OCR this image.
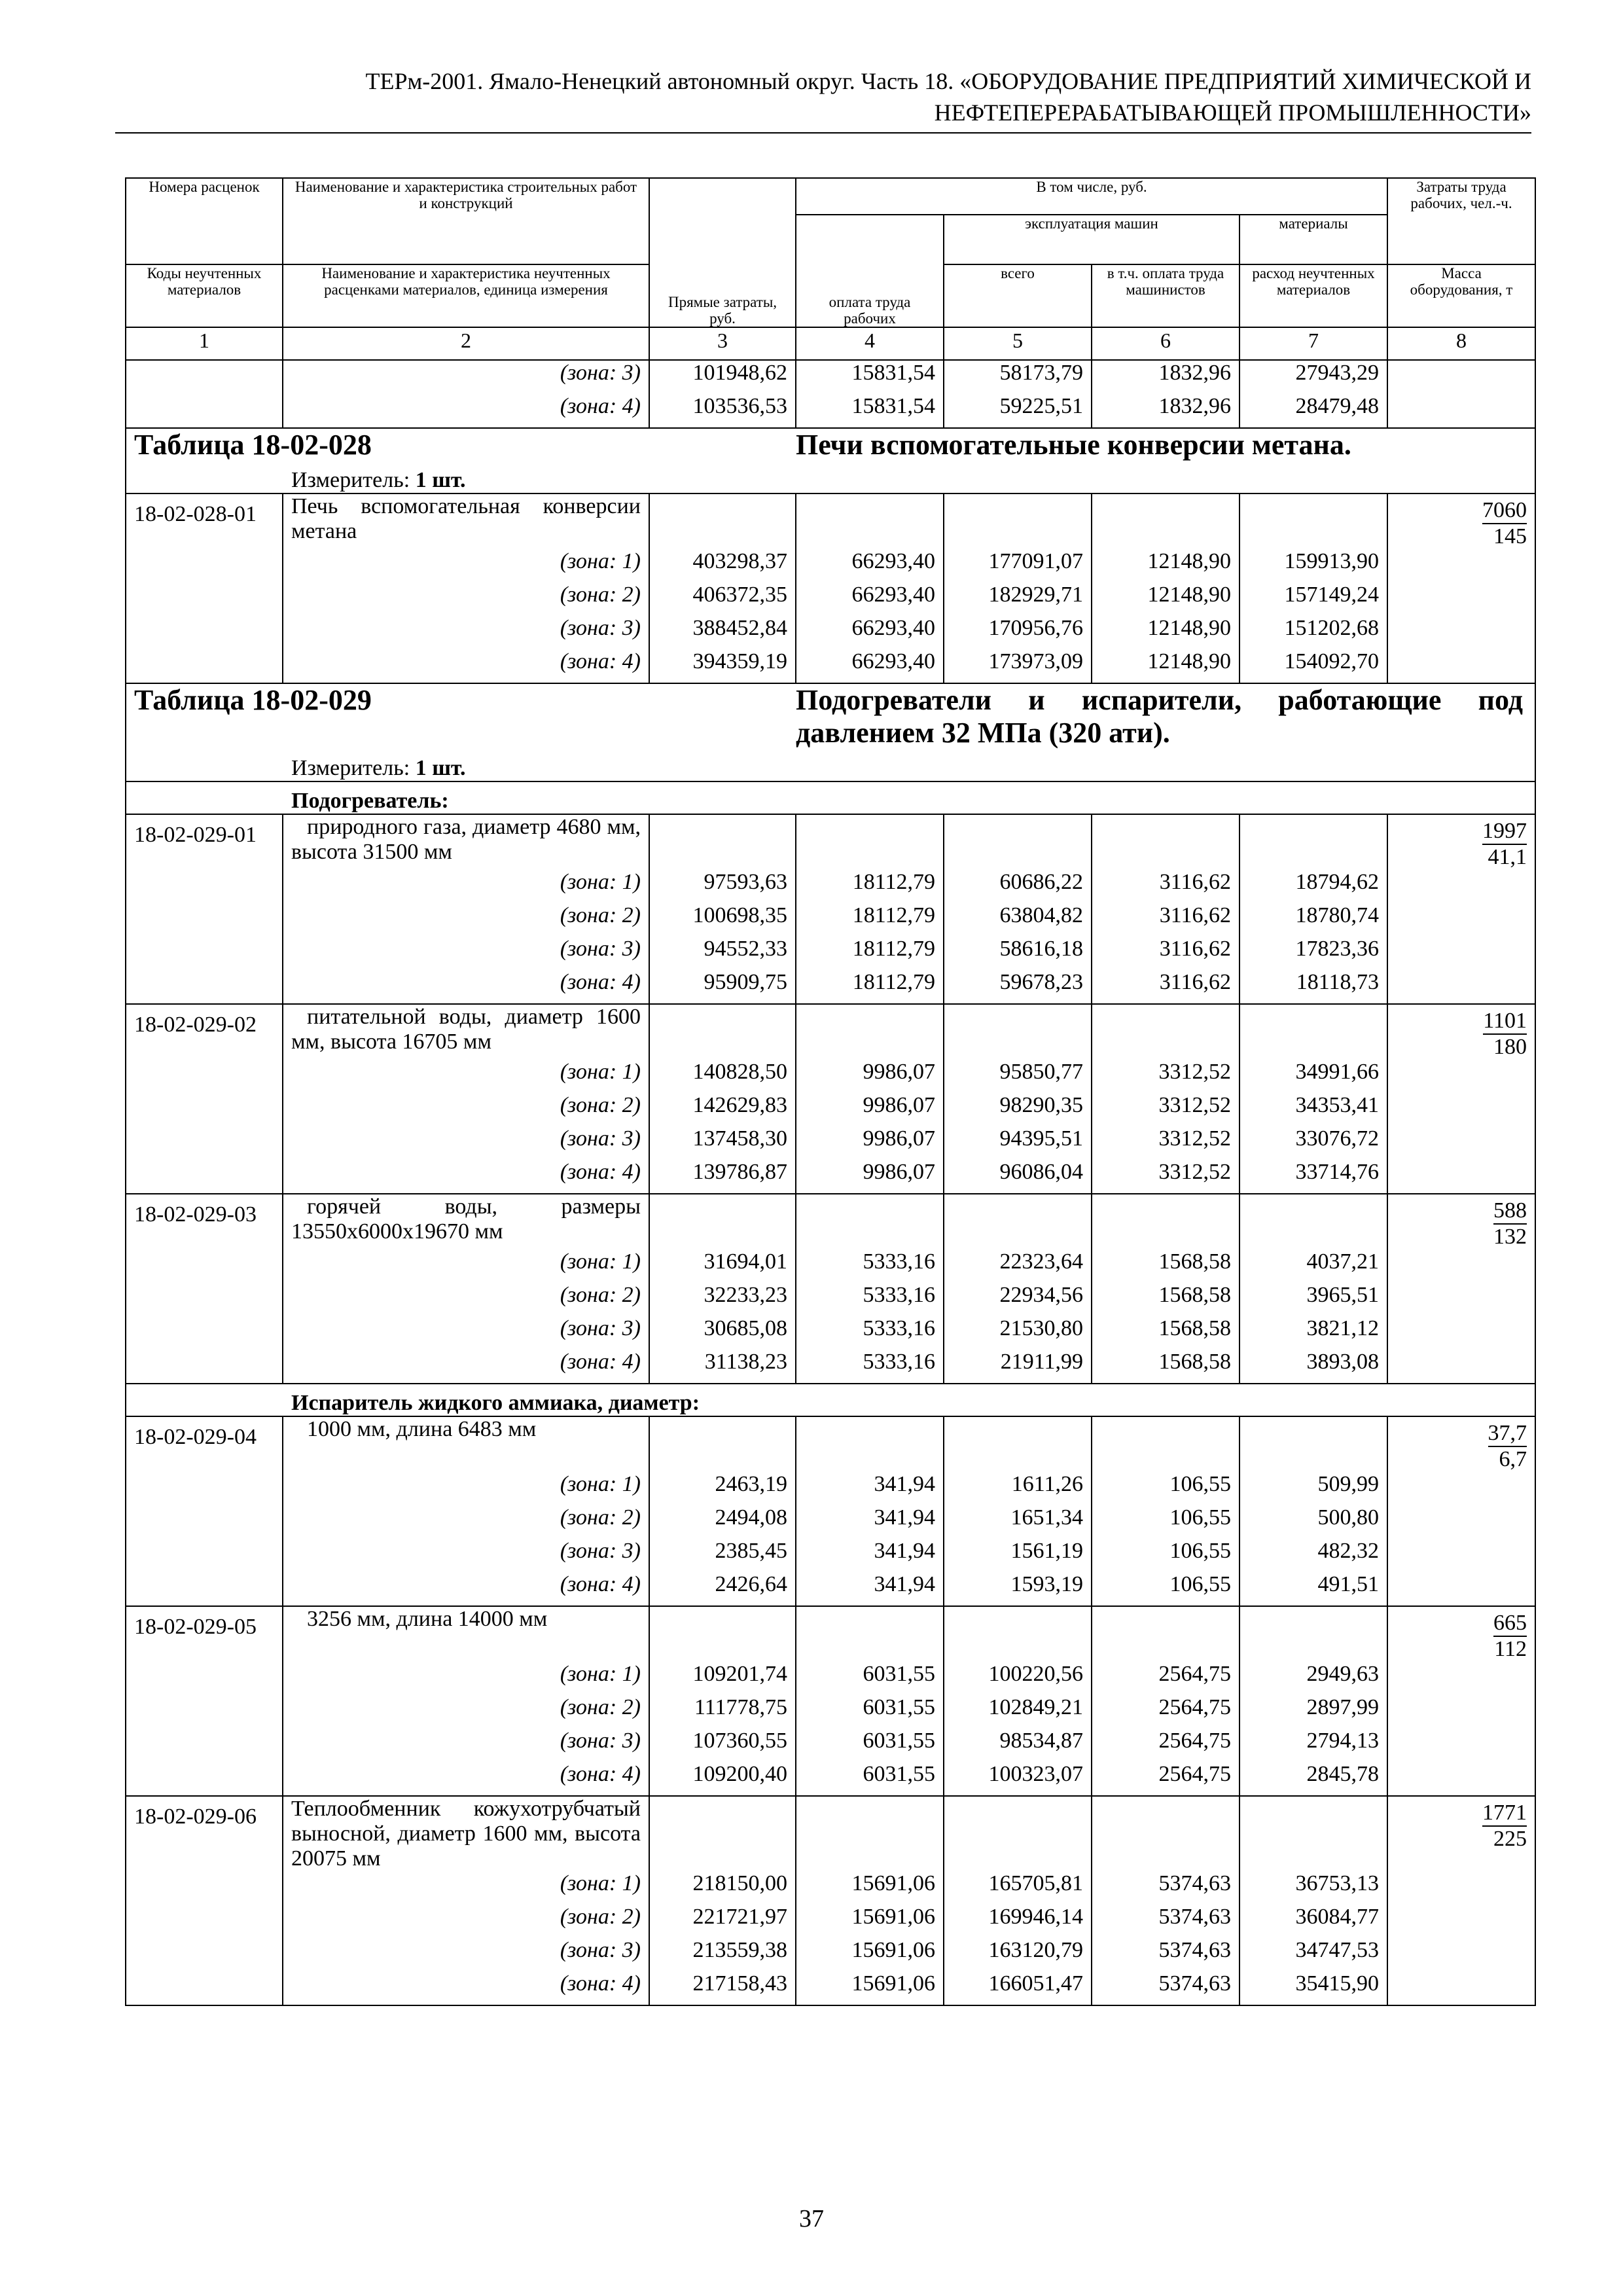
ТЕРм-2001. Ямало-Ненецкий автономный округ. Часть 18. «ОБОРУДОВАНИЕ ПРЕДПРИЯТИЙ ХИМИЧЕСКОЙ И
НЕФТЕПЕРЕРАБАТЫВАЮЩЕЙ ПРОМЫШЛЕННОСТИ»
Номера расценок	Наименование и характеристика строительных работ и конструкций	Прямые затраты, руб.	В том числе, руб.				Затраты труда рабочих, чел.-ч.
			оплата труда рабочих	эксплуатация машин		материалы	
Коды неучтенных материалов	Наименование и характеристика неучтенных расценками материалов, единица измерения			всего	в т.ч. оплата труда машинистов	расход неучтенных материалов	Масса оборудования, т
1	2	3	4	5	6	7	8
	(зона: 3)	101948,62	15831,54	58173,79	1832,96	27943,29	
	(зона: 4)	103536,53	15831,54	59225,51	1832,96	28479,48	
Таблица 18-02-028			Печи вспомогательные конверсии метана.				
Измеритель: 1 шт.							
18-02-028-01	Печь вспомогательная конверсии метана						$\frac{7060}{145}$

	(зона: 1)	403298,37	66293,40	177091,07	12148,90	159913,90	
	(зона: 2)	406372,35	66293,40	182929,71	12148,90	157149,24	
	(зона: 3)	388452,84	66293,40	170956,76	12148,90	151202,68	
	(зона: 4)	394359,19	66293,40	173973,09	12148,90	154092,70	
Таблица 18-02-029			Подогреватели и испарители, работающие под давлением 32 МПа (320 ати).				
Измеритель: 1 шт.							
Подогреватель:							
18-02-029-01	природного газа, диаметр 4680 мм, высота 31500 мм						$\frac{1997}{41,1}$

	(зона: 1)	97593,63	18112,79	60686,22	3116,62	18794,62	
	(зона: 2)	100698,35	18112,79	63804,82	3116,62	18780,74	
	(зона: 3)	94552,33	18112,79	58616,18	3116,62	17823,36	
	(зона: 4)	95909,75	18112,79	59678,23	3116,62	18118,73	
18-02-029-02	питательной воды, диаметр 1600 мм, высота 16705 мм						$\frac{1101}{180}$

	(зона: 1)	140828,50	9986,07	95850,77	3312,52	34991,66	
	(зона: 2)	142629,83	9986,07	98290,35	3312,52	34353,41	
	(зона: 3)	137458,30	9986,07	94395,51	3312,52	33076,72	
	(зона: 4)	139786,87	9986,07	96086,04	3312,52	33714,76	
18-02-029-03	горячей воды, размеры 13550x6000x19670 мм						$\frac{588}{132}$

	(зона: 1)	31694,01	5333,16	22323,64	1568,58	4037,21	
	(зона: 2)	32233,23	5333,16	22934,56	1568,58	3965,51	
	(зона: 3)	30685,08	5333,16	21530,80	1568,58	3821,12	
	(зона: 4)	31138,23	5333,16	21911,99	1568,58	3893,08	
Испаритель жидкого аммиака, диаметр:							
18-02-029-04	1000 мм, длина 6483 мм						$\frac{37,7}{6,7}$

	(зона: 1)	2463,19	341,94	1611,26	106,55	509,99	
	(зона: 2)	2494,08	341,94	1651,34	106,55	500,80	
	(зона: 3)	2385,45	341,94	1561,19	106,55	482,32	
	(зона: 4)	2426,64	341,94	1593,19	106,55	491,51	
18-02-029-05	3256 мм, длина 14000 мм						$\frac{665}{112}$

	(зона: 1)	109201,74	6031,55	100220,56	2564,75	2949,63	
	(зона: 2)	111778,75	6031,55	102849,21	2564,75	2897,99	
	(зона: 3)	107360,55	6031,55	98534,87	2564,75	2794,13	
	(зона: 4)	109200,40	6031,55	100323,07	2564,75	2845,78	
18-02-029-06	Теплообменник кожухотрубчатый выносной, диаметр 1600 мм, высота 20075 мм						$\frac{1771}{225}$

	(зона: 1)	218150,00	15691,06	165705,81	5374,63	36753,13	
	(зона: 2)	221721,97	15691,06	169946,14	5374,63	36084,77	
	(зона: 3)	213559,38	15691,06	163120,79	5374,63	34747,53	
	(зона: 4)	217158,43	15691,06	166051,47	5374,63	35415,90	
37
